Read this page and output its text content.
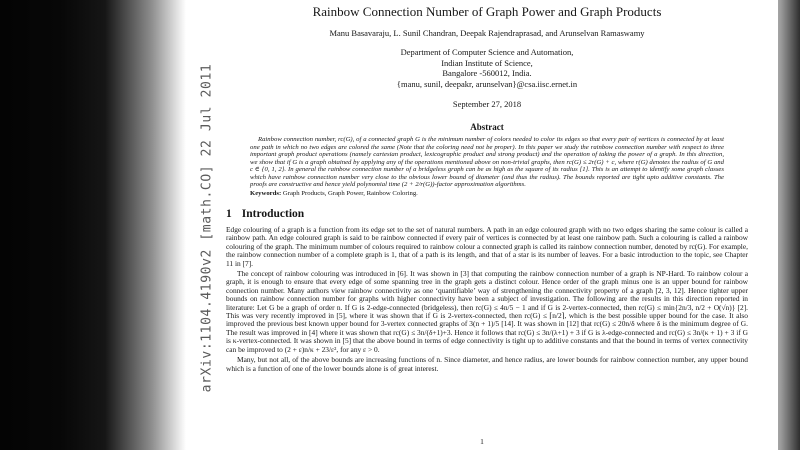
arXiv:1104.4190v2 [math.CO] 22 Jul 2011
Rainbow Connection Number of Graph Power and Graph Products
Manu Basavaraju, L. Sunil Chandran, Deepak Rajendraprasad, and Arunselvan Ramaswamy
Department of Computer Science and Automation,
Indian Institute of Science,
Bangalore -560012, India.
{manu, sunil, deepakr, arunselvan}@csa.iisc.ernet.in
September 27, 2018
Abstract
Rainbow connection number, rc(G), of a connected graph G is the minimum number of colors needed to color its edges so that every pair of vertices is connected by at least one path in which no two edges are colored the same (Note that the coloring need not be proper). In this paper we study the rainbow connection number with respect to three important graph product operations (namely cartesian product, lexicographic product and strong product) and the operation of taking the power of a graph. In this direction, we show that if G is a graph obtained by applying any of the operations mentioned above on non-trivial graphs, then rc(G) ≤ 2r(G) + c, where r(G) denotes the radius of G and c ∈ {0, 1, 2}. In general the rainbow connection number of a bridgeless graph can be as high as the square of its radius [1]. This is an attempt to identify some graph classes which have rainbow connection number very close to the obvious lower bound of diameter (and thus the radius). The bounds reported are tight upto additive constants. The proofs are constructive and hence yield polynomial time (2 + 2/r(G))-factor approximation algorithms.
Keywords: Graph Products, Graph Power, Rainbow Coloring.
1 Introduction

Edge colouring of a graph is a function from its edge set to the set of natural numbers. A path in an edge coloured graph with no two edges sharing the same colour is called a rainbow path. An edge coloured graph is said to be rainbow connected if every pair of vertices is connected by at least one rainbow path. Such a colouring is called a rainbow colouring of the graph. The minimum number of colours required to rainbow colour a connected graph is called its rainbow connection number, denoted by rc(G). For example, the rainbow connection number of a complete graph is 1, that of a path is its length, and that of a star is its number of leaves. For a basic introduction to the topic, see Chapter 11 in [7].

The concept of rainbow colouring was introduced in [6]. It was shown in [3] that computing the rainbow connection number of a graph is NP-Hard. To rainbow colour a graph, it is enough to ensure that every edge of some spanning tree in the graph gets a distinct colour. Hence order of the graph minus one is an upper bound for rainbow connection number. Many authors view rainbow connectivity as one ‘quantifiable’ way of strengthening the connectivity property of a graph [2, 3, 12]. Hence tighter upper bounds on rainbow connection number for graphs with higher connectivity have been a subject of investigation. The following are the results in this direction reported in literature: Let G be a graph of order n. If G is 2-edge-connected (bridgeless), then rc(G) ≤ 4n/5 − 1 and if G is 2-vertex-connected, then rc(G) ≤ min{2n/3, n/2 + O(√n)} [2]. This was very recently improved in [5], where it was shown that if G is 2-vertex-connected, then rc(G) ≤ ⌈n/2⌉, which is the best possible upper bound for the case. It also improved the previous best known upper bound for 3-vertex connected graphs of 3(n + 1)/5 [14]. It was shown in [12] that rc(G) ≤ 20n/δ where δ is the minimum degree of G. The result was improved in [4] where it was shown that rc(G) ≤ 3n/(δ+1)+3. Hence it follows that rc(G) ≤ 3n/(λ+1) + 3 if G is λ-edge-connected and rc(G) ≤ 3n/(κ + 1) + 3 if G is κ-vertex-connected. It was shown in [5] that the above bound in terms of edge connectivity is tight up to additive constants and that the bound in terms of vertex connectivity can be improved to (2 + ε)n/κ + 23/ε², for any ε > 0.

Many, but not all, of the above bounds are increasing functions of n. Since diameter, and hence radius, are lower bounds for rainbow connection number, any upper bound which is a function of one of the lower bounds alone is of great interest.

1
